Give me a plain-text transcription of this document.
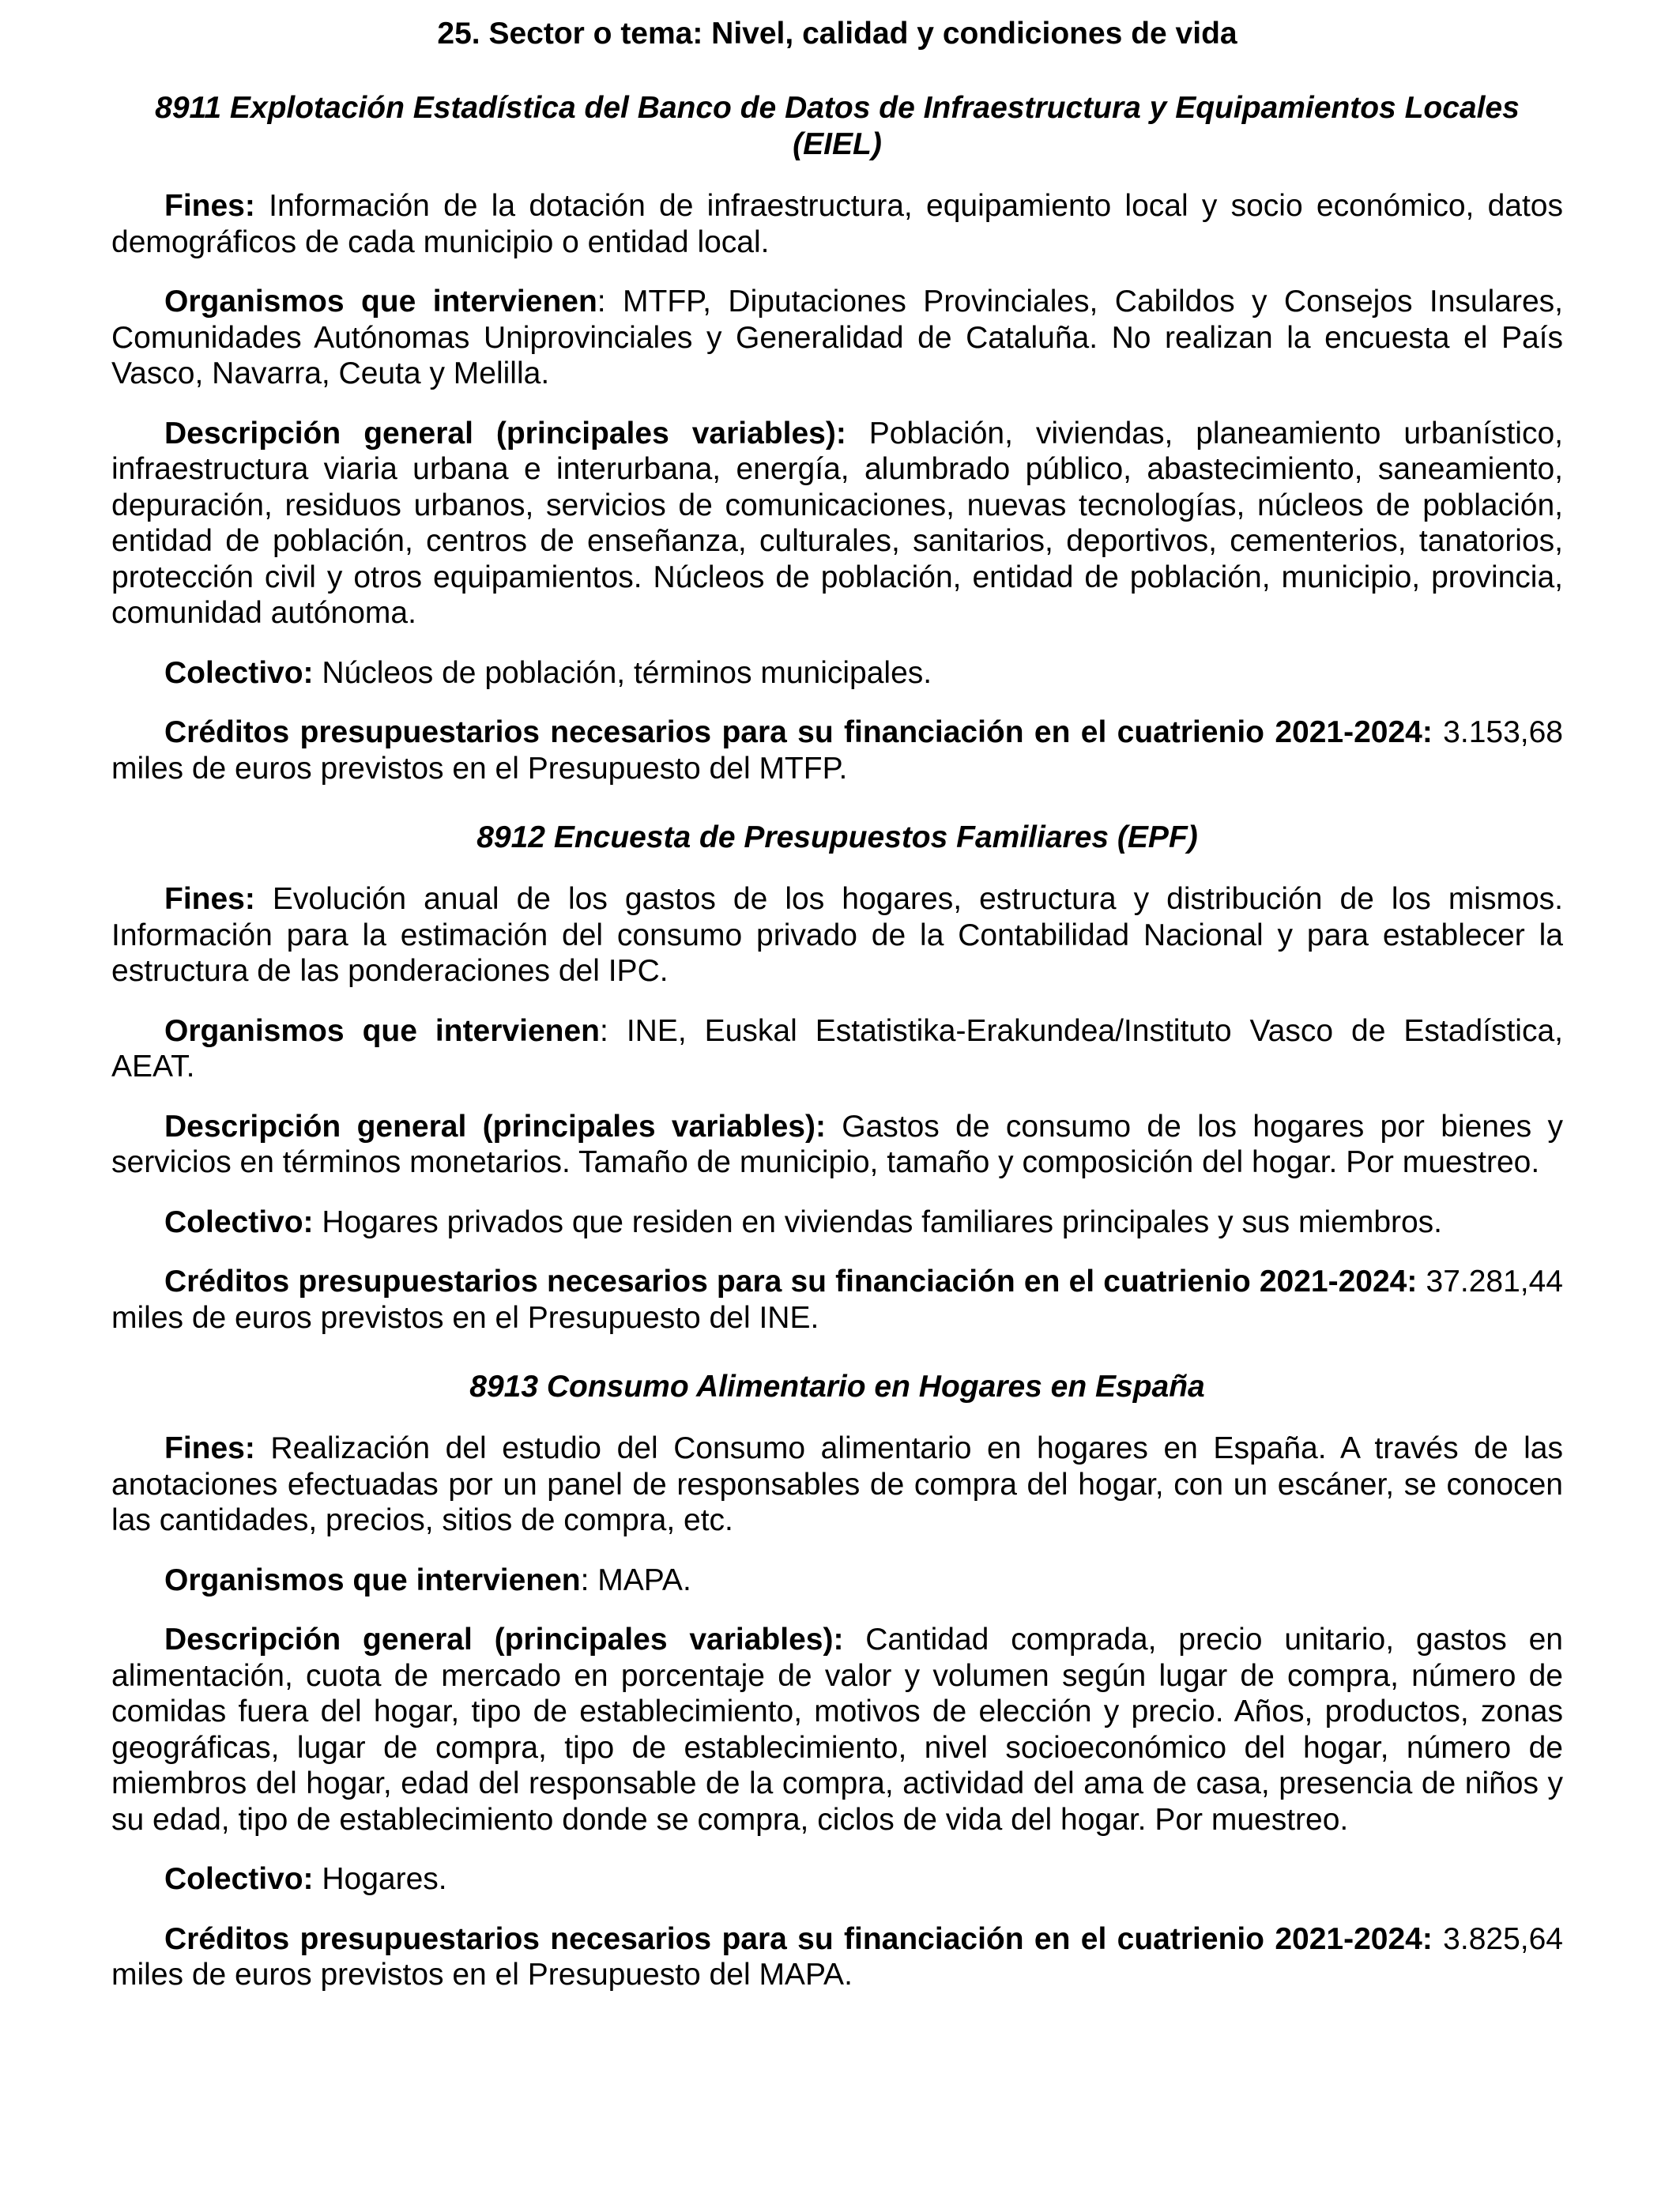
25. Sector o tema: Nivel, calidad y condiciones de vida
8911 Explotación Estadística del Banco de Datos de Infraestructura y Equipamientos Locales (EIEL)

Fines: Información de la dotación de infraestructura, equipamiento local y socio económico, datos demográficos de cada municipio o entidad local.

Organismos que intervienen: MTFP, Diputaciones Provinciales, Cabildos y Consejos Insulares, Comunidades Autónomas Uniprovinciales y Generalidad de Cataluña. No realizan la encuesta el País Vasco, Navarra, Ceuta y Melilla.

Descripción general (principales variables): Población, viviendas, planeamiento urbanístico, infraestructura viaria urbana e interurbana, energía, alumbrado público, abastecimiento, saneamiento, depuración, residuos urbanos, servicios de comunicaciones, nuevas tecnologías, núcleos de población, entidad de población, centros de enseñanza, culturales, sanitarios, deportivos, cementerios, tanatorios, protección civil y otros equipamientos. Núcleos de población, entidad de población, municipio, provincia, comunidad autónoma.

Colectivo: Núcleos de población, términos municipales.

Créditos presupuestarios necesarios para su financiación en el cuatrienio 2021-2024: 3.153,68 miles de euros previstos en el Presupuesto del MTFP.

8912 Encuesta de Presupuestos Familiares (EPF)

Fines: Evolución anual de los gastos de los hogares, estructura y distribución de los mismos. Información para la estimación del consumo privado de la Contabilidad Nacional y para establecer la estructura de las ponderaciones del IPC.

Organismos que intervienen: INE, Euskal Estatistika-Erakundea/Instituto Vasco de Estadística, AEAT.

Descripción general (principales variables): Gastos de consumo de los hogares por bienes y servicios en términos monetarios. Tamaño de municipio, tamaño y composición del hogar. Por muestreo.

Colectivo: Hogares privados que residen en viviendas familiares principales y sus miembros.

Créditos presupuestarios necesarios para su financiación en el cuatrienio 2021-2024: 37.281,44 miles de euros previstos en el Presupuesto del INE.

8913 Consumo Alimentario en Hogares en España

Fines: Realización del estudio del Consumo alimentario en hogares en España. A través de las anotaciones efectuadas por un panel de responsables de compra del hogar, con un escáner, se conocen las cantidades, precios, sitios de compra, etc.

Organismos que intervienen: MAPA.

Descripción general (principales variables): Cantidad comprada, precio unitario, gastos en alimentación, cuota de mercado en porcentaje de valor y volumen según lugar de compra, número de comidas fuera del hogar, tipo de establecimiento, motivos de elección y precio. Años, productos, zonas geográficas, lugar de compra, tipo de establecimiento, nivel socioeconómico del hogar, número de miembros del hogar, edad del responsable de la compra, actividad del ama de casa, presencia de niños y su edad, tipo de establecimiento donde se compra, ciclos de vida del hogar. Por muestreo.

Colectivo: Hogares.

Créditos presupuestarios necesarios para su financiación en el cuatrienio 2021-2024: 3.825,64 miles de euros previstos en el Presupuesto del MAPA.
